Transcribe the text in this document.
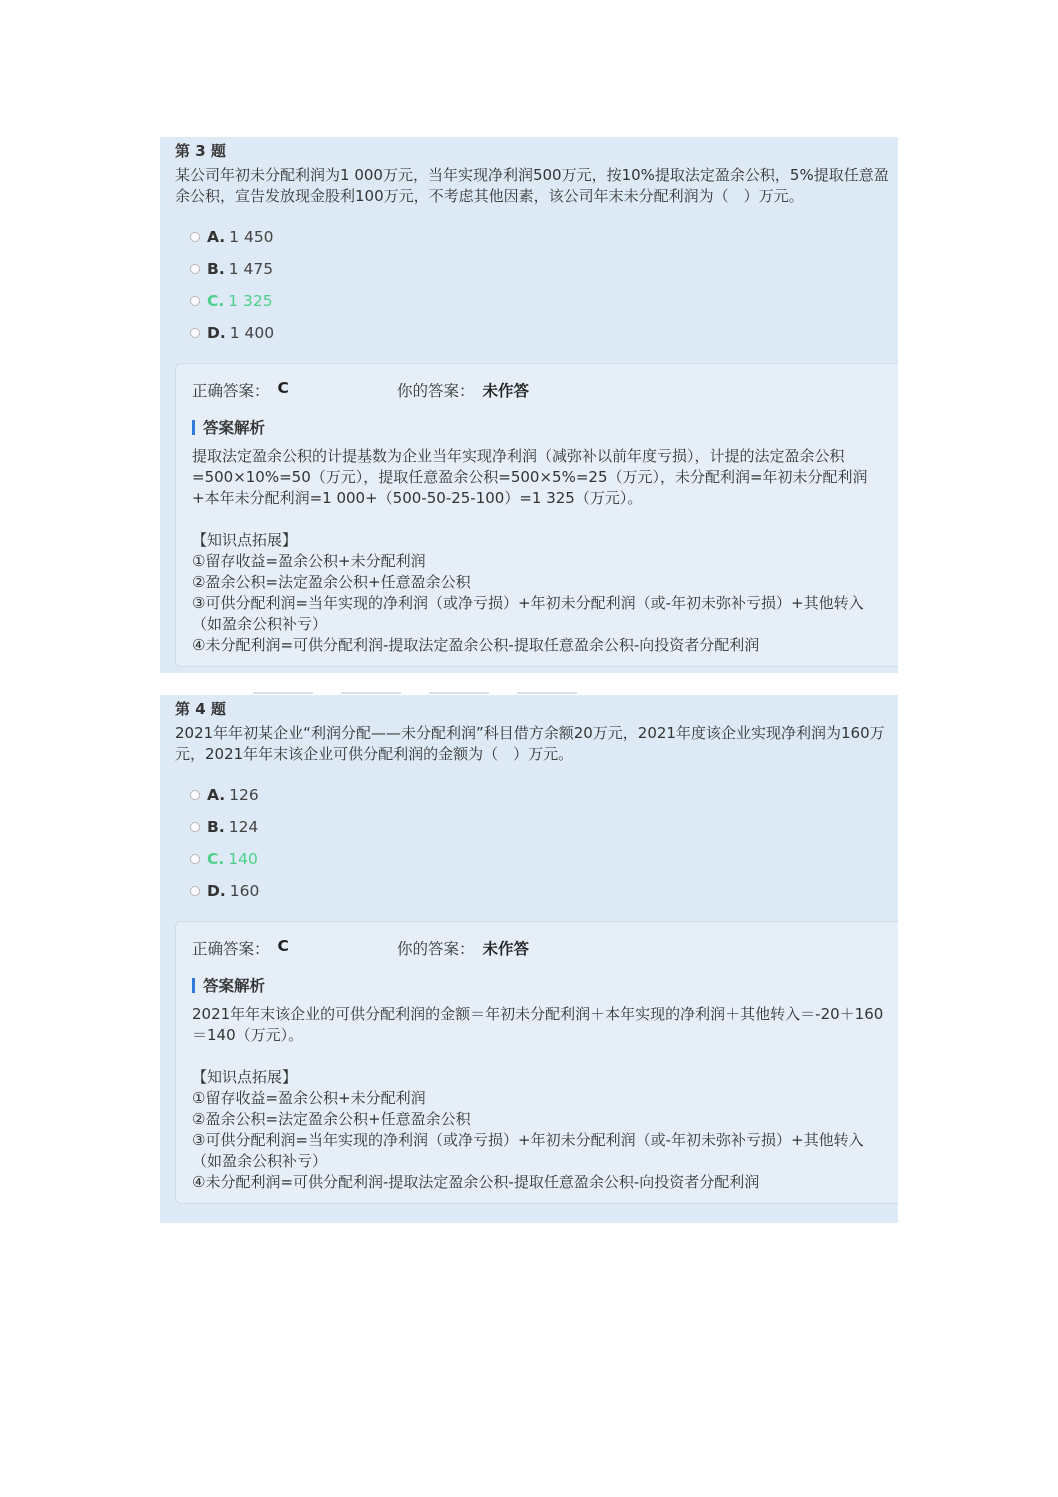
第 3 题
某公司年初未分配利润为1 000万元，当年实现净利润500万元，按10%提取法定盈余公积，5%提取任意盈余公积，宣告发放现金股利100万元，不考虑其他因素，该公司年末未分配利润为（　）万元。
A. 1 450
B. 1 475
C. 1 325
D. 1 400
正确答案： C	你的答案： 未作答
答案解析
提取法定盈余公积的计提基数为企业当年实现净利润（减弥补以前年度亏损），计提的法定盈余公积=500×10%=50（万元），提取任意盈余公积=500×5%=25（万元），未分配利润=年初未分配利润+本年未分配利润=1 000+（500-50-25-100）=1 325（万元）。
【知识点拓展】
①留存收益=盈余公积+未分配利润
②盈余公积=法定盈余公积+任意盈余公积
③可供分配利润=当年实现的净利润（或净亏损）+年初未分配利润（或-年初未弥补亏损）+其他转入（如盈余公积补亏）
④未分配利润=可供分配利润-提取法定盈余公积-提取任意盈余公积-向投资者分配利润
第 4 题
2021年年初某企业“利润分配——未分配利润”科目借方余额20万元，2021年度该企业实现净利润为160万元，2021年年末该企业可供分配利润的金额为（　）万元。
A. 126
B. 124
C. 140
D. 160
正确答案： C	你的答案： 未作答
答案解析
2021年年末该企业的可供分配利润的金额＝年初未分配利润＋本年实现的净利润＋其他转入＝-20＋160＝140（万元）。
【知识点拓展】
①留存收益=盈余公积+未分配利润
②盈余公积=法定盈余公积+任意盈余公积
③可供分配利润=当年实现的净利润（或净亏损）+年初未分配利润（或-年初未弥补亏损）+其他转入（如盈余公积补亏）
④未分配利润=可供分配利润-提取法定盈余公积-提取任意盈余公积-向投资者分配利润
